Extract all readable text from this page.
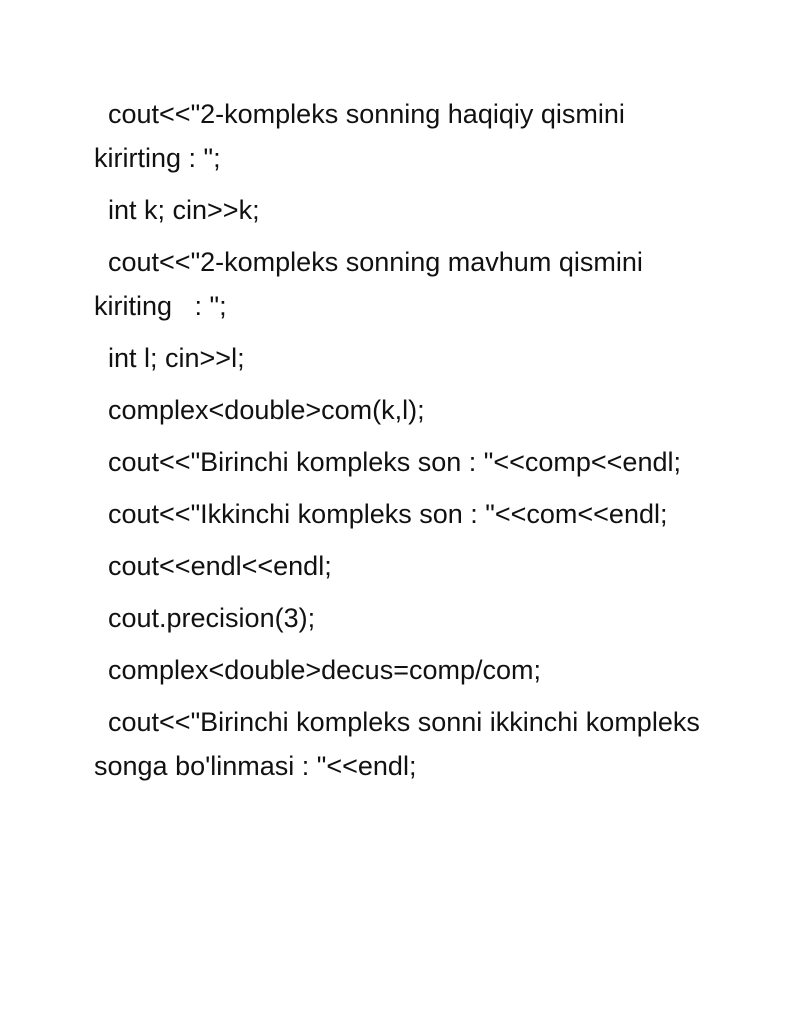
cout<<"2-kompleks sonning haqiqiy qismini kirirting : ";

int k; cin>>k;

cout<<"2-kompleks sonning mavhum qismini kiriting   : ";

int l; cin>>l;

complex<double>com(k,l);

cout<<"Birinchi kompleks son : "<<comp<<endl;

cout<<"Ikkinchi kompleks son : "<<com<<endl;

cout<<endl<<endl;

cout.precision(3);

complex<double>decus=comp/com;

cout<<"Birinchi kompleks sonni ikkinchi kompleks songa bo'linmasi : "<<endl;
